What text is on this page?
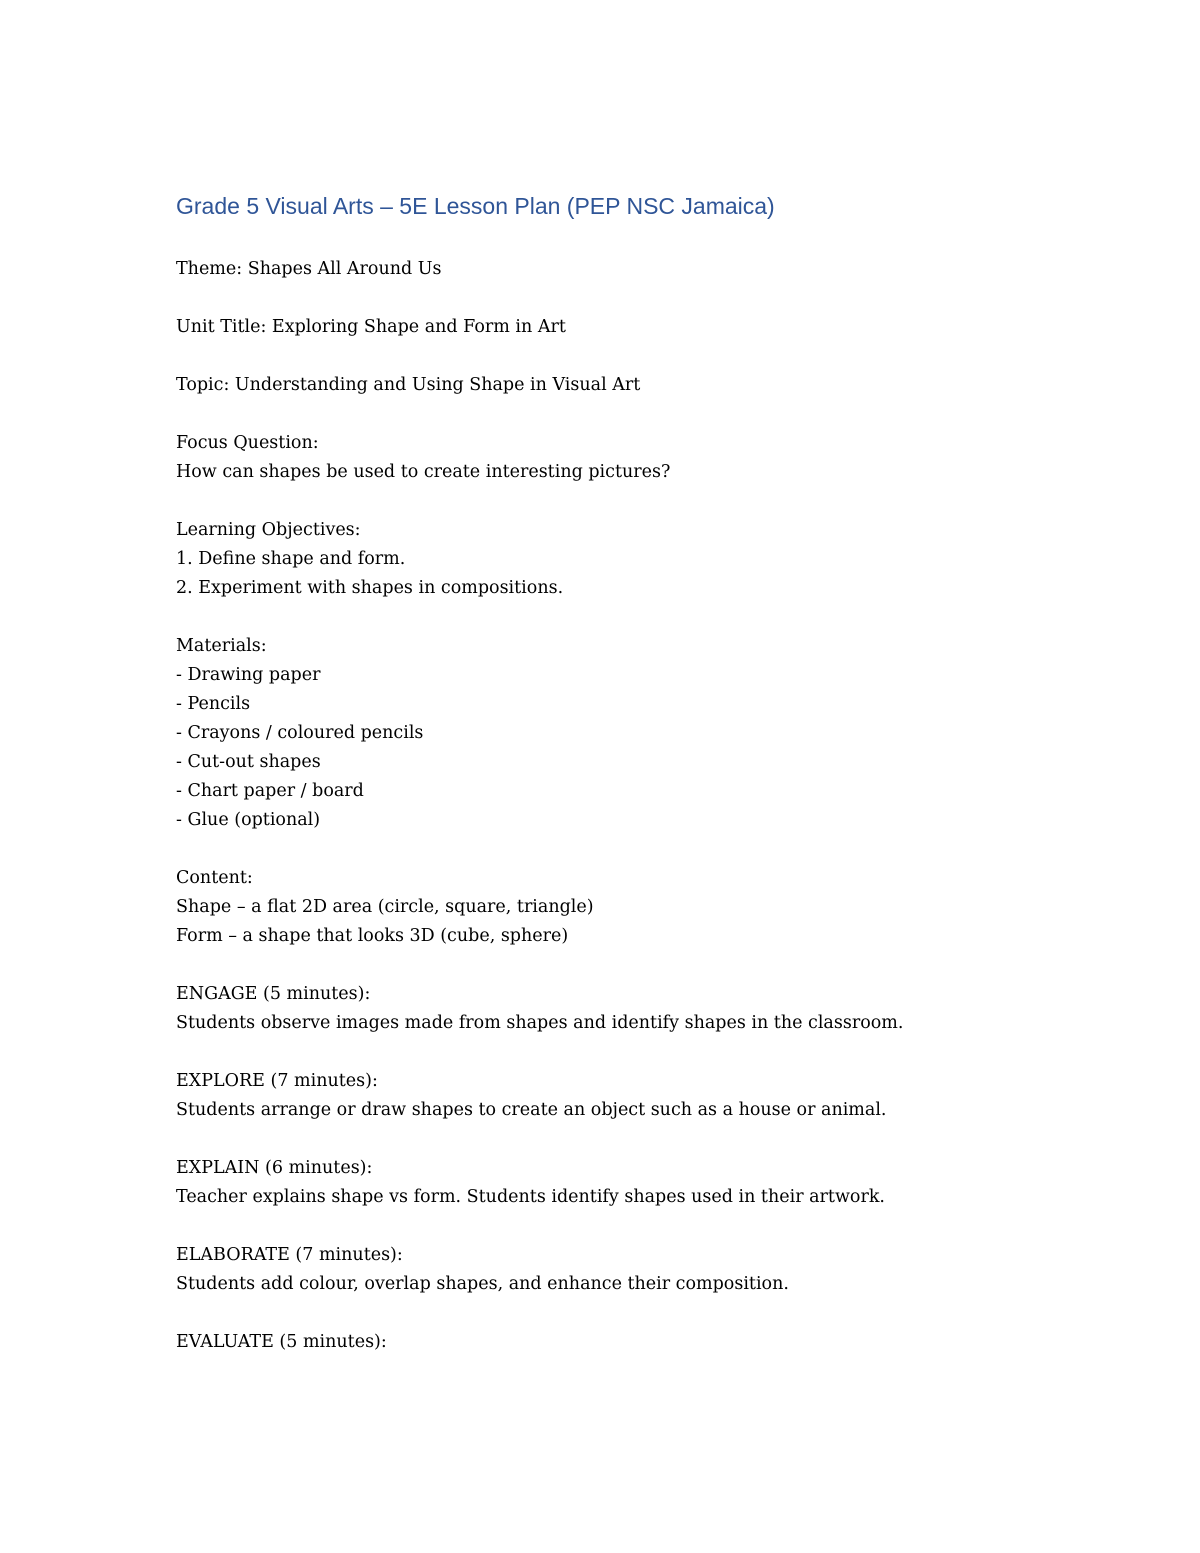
Grade 5 Visual Arts – 5E Lesson Plan (PEP NSC Jamaica)

Theme: Shapes All Around Us

Unit Title: Exploring Shape and Form in Art

Topic: Understanding and Using Shape in Visual Art

Focus Question:

How can shapes be used to create interesting pictures?

Learning Objectives:

1. Define shape and form.

2. Experiment with shapes in compositions.

Materials:

- Drawing paper

- Pencils

- Crayons / coloured pencils

- Cut-out shapes

- Chart paper / board

- Glue (optional)

Content:

Shape – a flat 2D area (circle, square, triangle)

Form – a shape that looks 3D (cube, sphere)

ENGAGE (5 minutes):

Students observe images made from shapes and identify shapes in the classroom.

EXPLORE (7 minutes):

Students arrange or draw shapes to create an object such as a house or animal.

EXPLAIN (6 minutes):

Teacher explains shape vs form. Students identify shapes used in their artwork.

ELABORATE (7 minutes):

Students add colour, overlap shapes, and enhance their composition.

EVALUATE (5 minutes):
